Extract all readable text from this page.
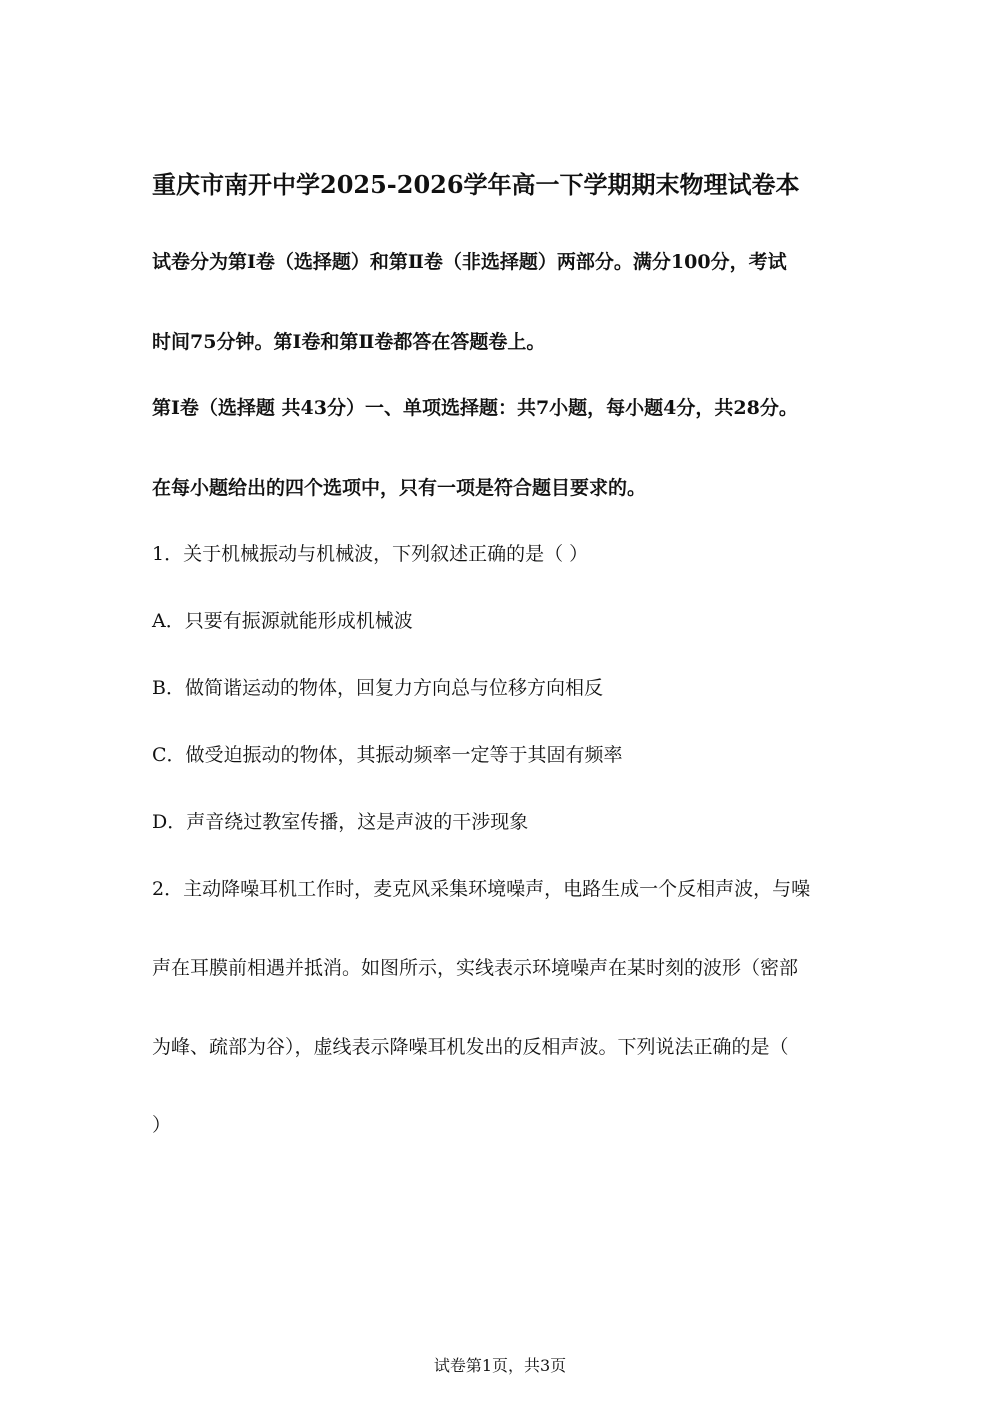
重庆市南开中学2025-2026学年高一下学期期末物理试卷本
试卷分为第Ⅰ卷（选择题）和第Ⅱ卷（非选择题）两部分。满分100分，考试
时间75分钟。第Ⅰ卷和第Ⅱ卷都答在答题卷上。
第Ⅰ卷（选择题 共43分）一、单项选择题：共7小题，每小题4分，共28分。
在每小题给出的四个选项中，只有一项是符合题目要求的。
1．关于机械振动与机械波，下列叙述正确的是（ ）
A．只要有振源就能形成机械波
B．做简谐运动的物体，回复力方向总与位移方向相反
C．做受迫振动的物体，其振动频率一定等于其固有频率
D．声音绕过教室传播，这是声波的干涉现象
2．主动降噪耳机工作时，麦克风采集环境噪声，电路生成一个反相声波，与噪
声在耳膜前相遇并抵消。如图所示，实线表示环境噪声在某时刻的波形（密部
为峰、疏部为谷），虚线表示降噪耳机发出的反相声波。下列说法正确的是（
）
试卷第1页，共3页
